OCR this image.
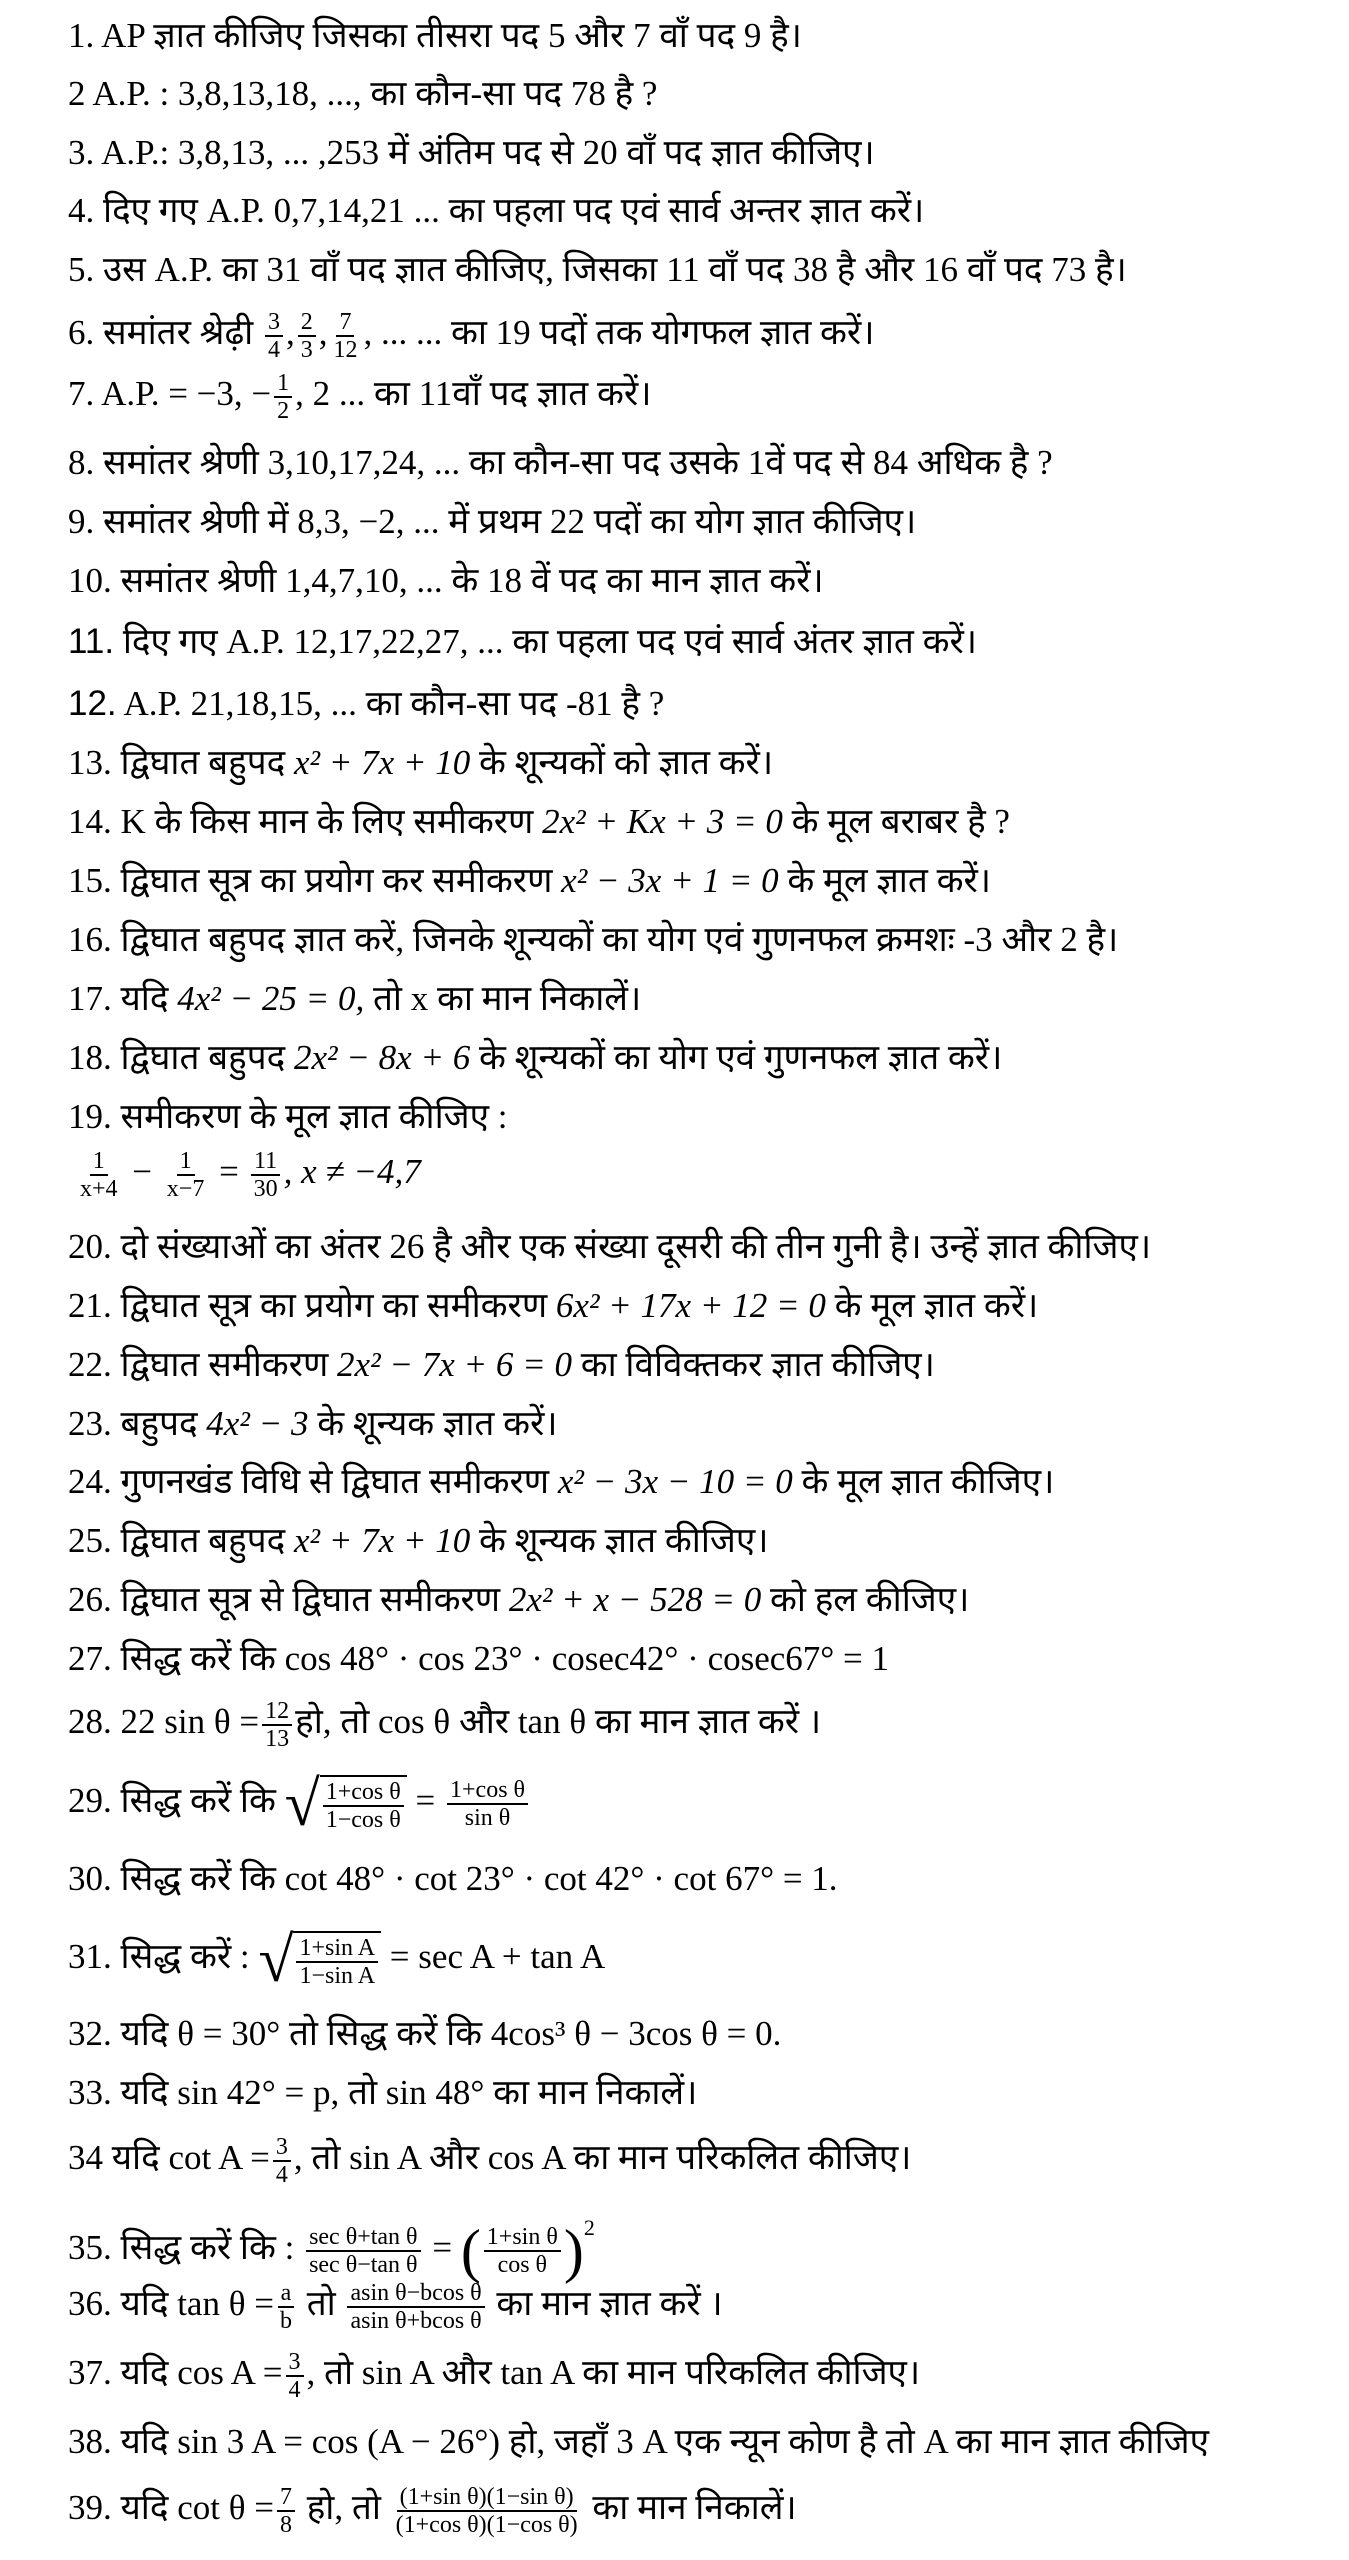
1. AP ज्ञात कीजिए जिसका तीसरा पद 5 और 7 वाँ पद 9 है।
2 A.P. : 3,8,13,18, ..., का कौन-सा पद 78 है ?
3. A.P.: 3,8,13, ... ,253 में अंतिम पद से 20 वाँ पद ज्ञात कीजिए।
4. दिए गए A.P. 0,7,14,21 ... का पहला पद एवं सार्व अन्तर ज्ञात करें।
5. उस A.P. का 31 वाँ पद ज्ञात कीजिए, जिसका 11 वाँ पद 38 है और 16 वाँ पद 73 है।
6. समांतर श्रेढ़ी $\frac{3}{4}$ , $\frac{2}{3}$ , $\frac{7}{12}$ , ... ... का 19 पदों तक योगफल ज्ञात करें।
7. A.P. = −3, − $\frac{1}{2}$ , 2 ... का 11वाँ पद ज्ञात करें।
8. समांतर श्रेणी 3,10,17,24, ... का कौन-सा पद उसके 1वें पद से 84 अधिक है ?
9. समांतर श्रेणी में 8,3, −2, ... में प्रथम 22 पदों का योग ज्ञात कीजिए।
10. समांतर श्रेणी 1,4,7,10, ... के 18 वें पद का मान ज्ञात करें।
11. दिए गए A.P. 12,17,22,27, ... का पहला पद एवं सार्व अंतर ज्ञात करें।
12. A.P. 21,18,15, ... का कौन-सा पद -81 है ?
13. द्विघात बहुपद x² + 7x + 10 के शून्यकों को ज्ञात करें।
14. K के किस मान के लिए समीकरण 2x² + Kx + 3 = 0 के मूल बराबर है ?
15. द्विघात सूत्र का प्रयोग कर समीकरण x² − 3x + 1 = 0 के मूल ज्ञात करें।
16. द्विघात बहुपद ज्ञात करें, जिनके शून्यकों का योग एवं गुणनफल क्रमशः -3 और 2 है।
17. यदि 4x² − 25 = 0, तो x का मान निकालें।
18. द्विघात बहुपद 2x² − 8x + 6 के शून्यकों का योग एवं गुणनफल ज्ञात करें।
19. समीकरण के मूल ज्ञात कीजिए :
$\frac{1}{x+4} - \frac{1}{x-7} = \frac{11}{30}$ , x ≠ −4,7
20. दो संख्याओं का अंतर 26 है और एक संख्या दूसरी की तीन गुनी है। उन्हें ज्ञात कीजिए।
21. द्विघात सूत्र का प्रयोग का समीकरण 6x² + 17x + 12 = 0 के मूल ज्ञात करें।
22. द्विघात समीकरण 2x² − 7x + 6 = 0 का विविक्तकर ज्ञात कीजिए।
23. बहुपद 4x² − 3 के शून्यक ज्ञात करें।
24. गुणनखंड विधि से द्विघात समीकरण x² − 3x − 10 = 0 के मूल ज्ञात कीजिए।
25. द्विघात बहुपद x² + 7x + 10 के शून्यक ज्ञात कीजिए।
26. द्विघात सूत्र से द्विघात समीकरण 2x² + x − 528 = 0 को हल कीजिए।
27. सिद्ध करें कि cos 48° · cos 23° · cosec42° · cosec67° = 1
28. 22 $\sin \theta = \frac{12}{13}$ हो, तो cos θ और tan θ का मान ज्ञात करें ।
29. सिद्ध करें कि √ $\frac{\text{1+cos θ}}{\text{1−cos θ}} = \frac{\text{1+cos θ}}{\text{sin θ}}$
30. सिद्ध करें कि cot 48° · cot 23° · cot 42° · cot 67° = 1.
31. सिद्ध करें : √ $\frac{\text{1+sin A}}{\text{1−sin A}} = \sec A + \tan A$
32. यदि θ = 30° तो सिद्ध करें कि 4cos³ θ − 3cos θ = 0.
33. यदि sin 42° = p, तो sin 48° का मान निकालें।
34 यदि $\cot A = \frac{3}{4}$ , तो sin A और cos A का मान परिकलित कीजिए।
35. सिद्ध करें कि : sec θ+tan θ
sec θ−tan θ = ( $\frac{\text{1+sin θ}}{\text{cos θ}} )^2$
36. यदि $\tan \theta = \frac{a}{b}$ तो $\frac{\text{asin θ−bcos θ}}{\text{asin θ+bcos θ}}$ का मान ज्ञात करें ।
37. यदि $\cos A = \frac{3}{4}$ , तो sin A और tan A का मान परिकलित कीजिए।
38. यदि sin 3 A = cos (A − 26°) हो, जहाँ 3 A एक न्यून कोण है तो A का मान ज्ञात कीजिए
39. यदि $\cot \theta = \frac{7}{8}$ हो, तो $\frac{\text{(1+sin θ)(1−sin θ)}}{\text{(1+cos θ)(1−cos θ)}}$ का मान निकालें।
